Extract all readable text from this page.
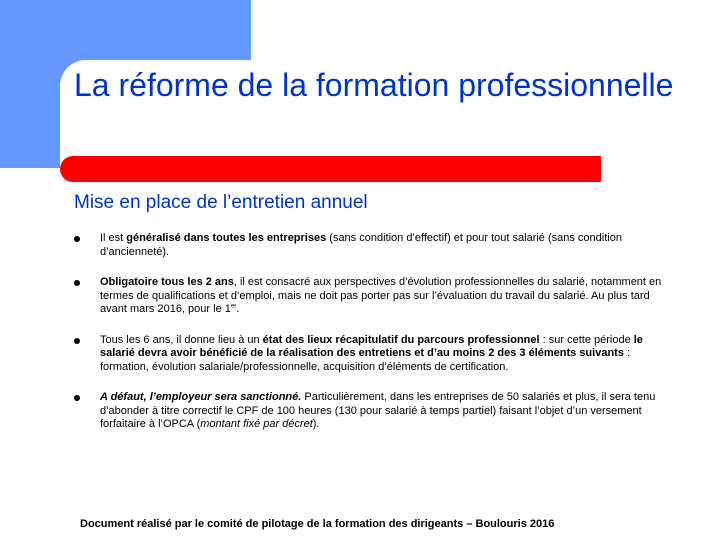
La réforme de la formation professionnelle
Mise en place de l’entretien annuel
Il est généralisé dans toutes les entreprises (sans condition d’effectif) et pour tout salarié (sans condition d’ancienneté).
Obligatoire tous les 2 ans, il est consacré aux perspectives d’évolution professionnelles du salarié, notamment en termes de qualifications et d’emploi, mais ne doit pas porter pas sur l’évaluation du travail du salarié. Au plus tard avant mars 2016, pour le 1er.
Tous les 6 ans, il donne lieu à un état des lieux récapitulatif du parcours professionnel : sur cette période le salarié devra avoir bénéficié de la réalisation des entretiens et d’au moins 2 des 3 éléments suivants : formation, évolution salariale/professionnelle, acquisition d’éléments de certification.
A défaut, l’employeur sera sanctionné. Particulièrement, dans les entreprises de 50 salariés et plus, il sera tenu d’abonder à titre correctif le CPF de 100 heures (130 pour salarié à temps partiel) faisant l’objet d’un versement forfaitaire à l’OPCA (montant fixé par décret).
Document réalisé par le comité de pilotage de la formation des dirigeants – Boulouris 2016
